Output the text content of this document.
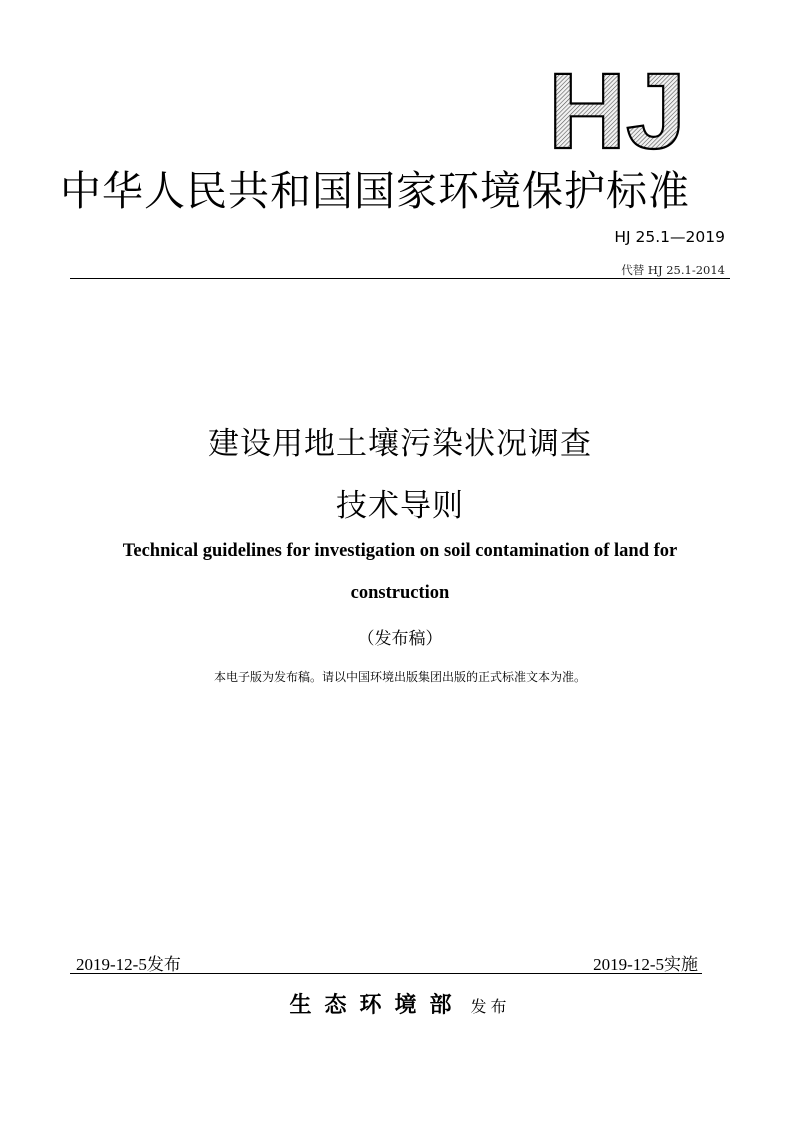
HJ
中华人民共和国国家环境保护标准
HJ 25.1—2019
代替 HJ 25.1-2014
建设用地土壤污染状况调查
技术导则
Technical guidelines for investigation on soil contamination of land for
construction
（发布稿）
本电子版为发布稿。请以中国环境出版集团出版的正式标准文本为准。
2019-12-5发布	2019-12-5实施
生态环境部 发布
